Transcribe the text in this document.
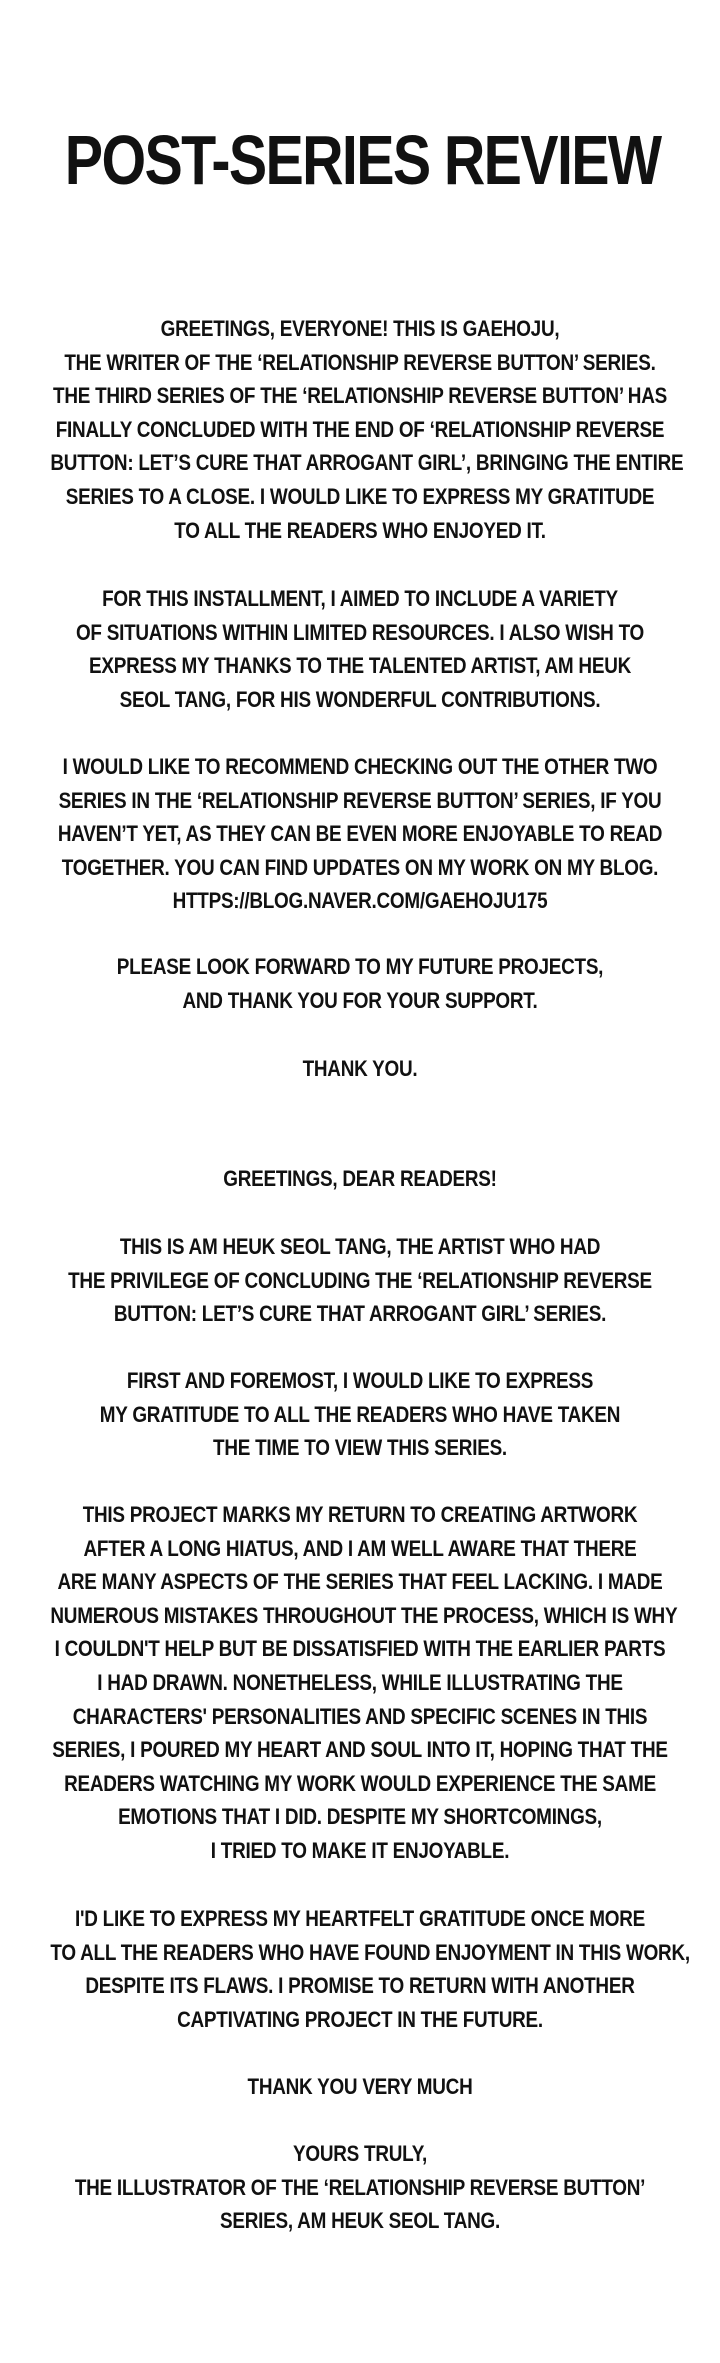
POST-SERIES REVIEW
GREETINGS, EVERYONE! THIS IS GAEHOJU,
THE WRITER OF THE ‘RELATIONSHIP REVERSE BUTTON’ SERIES.
THE THIRD SERIES OF THE ‘RELATIONSHIP REVERSE BUTTON’ HAS
FINALLY CONCLUDED WITH THE END OF ‘RELATIONSHIP REVERSE
BUTTON: LET’S CURE THAT ARROGANT GIRL’, BRINGING THE ENTIRE
SERIES TO A CLOSE. I WOULD LIKE TO EXPRESS MY GRATITUDE
TO ALL THE READERS WHO ENJOYED IT.
FOR THIS INSTALLMENT, I AIMED TO INCLUDE A VARIETY
OF SITUATIONS WITHIN LIMITED RESOURCES. I ALSO WISH TO
EXPRESS MY THANKS TO THE TALENTED ARTIST, AM HEUK
SEOL TANG, FOR HIS WONDERFUL CONTRIBUTIONS.
I WOULD LIKE TO RECOMMEND CHECKING OUT THE OTHER TWO
SERIES IN THE ‘RELATIONSHIP REVERSE BUTTON’ SERIES, IF YOU
HAVEN’T YET, AS THEY CAN BE EVEN MORE ENJOYABLE TO READ
TOGETHER. YOU CAN FIND UPDATES ON MY WORK ON MY BLOG.
HTTPS://BLOG.NAVER.COM/GAEHOJU175
PLEASE LOOK FORWARD TO MY FUTURE PROJECTS,
AND THANK YOU FOR YOUR SUPPORT.
THANK YOU.
GREETINGS, DEAR READERS!
THIS IS AM HEUK SEOL TANG, THE ARTIST WHO HAD
THE PRIVILEGE OF CONCLUDING THE ‘RELATIONSHIP REVERSE
BUTTON: LET’S CURE THAT ARROGANT GIRL’ SERIES.
FIRST AND FOREMOST, I WOULD LIKE TO EXPRESS
MY GRATITUDE TO ALL THE READERS WHO HAVE TAKEN
THE TIME TO VIEW THIS SERIES.
THIS PROJECT MARKS MY RETURN TO CREATING ARTWORK
AFTER A LONG HIATUS, AND I AM WELL AWARE THAT THERE
ARE MANY ASPECTS OF THE SERIES THAT FEEL LACKING. I MADE
NUMEROUS MISTAKES THROUGHOUT THE PROCESS, WHICH IS WHY
I COULDN'T HELP BUT BE DISSATISFIED WITH THE EARLIER PARTS
I HAD DRAWN. NONETHELESS, WHILE ILLUSTRATING THE
CHARACTERS' PERSONALITIES AND SPECIFIC SCENES IN THIS
SERIES, I POURED MY HEART AND SOUL INTO IT, HOPING THAT THE
READERS WATCHING MY WORK WOULD EXPERIENCE THE SAME
EMOTIONS THAT I DID. DESPITE MY SHORTCOMINGS,
I TRIED TO MAKE IT ENJOYABLE.
I'D LIKE TO EXPRESS MY HEARTFELT GRATITUDE ONCE MORE
TO ALL THE READERS WHO HAVE FOUND ENJOYMENT IN THIS WORK,
DESPITE ITS FLAWS. I PROMISE TO RETURN WITH ANOTHER
CAPTIVATING PROJECT IN THE FUTURE.
THANK YOU VERY MUCH
YOURS TRULY,
THE ILLUSTRATOR OF THE ‘RELATIONSHIP REVERSE BUTTON’
SERIES, AM HEUK SEOL TANG.
